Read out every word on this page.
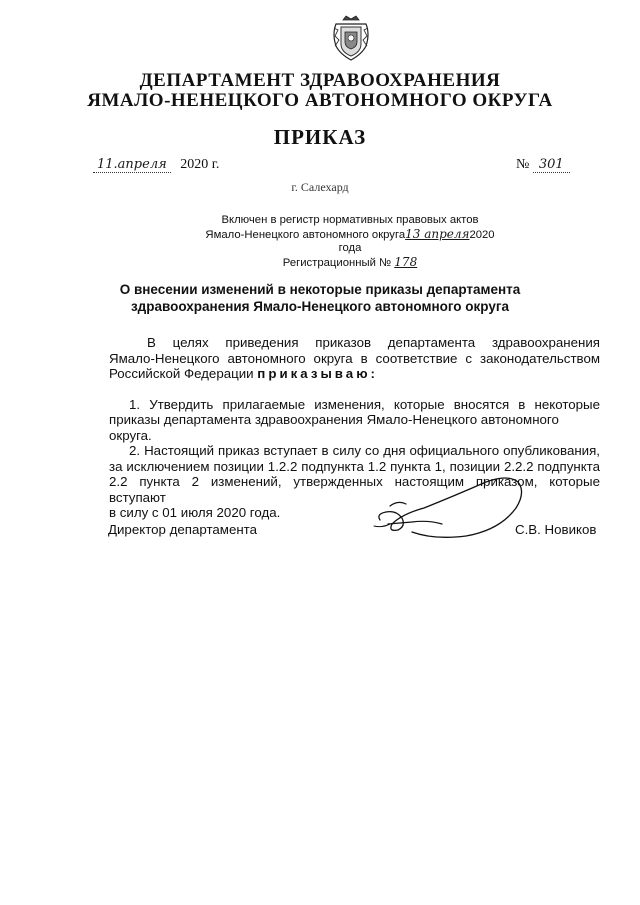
ДЕПАРТАМЕНТ ЗДРАВООХРАНЕНИЯ
ЯМАЛО-НЕНЕЦКОГО АВТОНОМНОГО ОКРУГА
ПРИКАЗ
11.апреля 2020 г.	№ 301
г. Салехард
Включен в регистр нормативных правовых актов
Ямало-Ненецкого автономного округа13 апреля2020 года
Регистрационный № 178
О внесении изменений в некоторые приказы департамента
здравоохранения Ямало-Ненецкого автономного округа
В целях приведения приказов департамента здравоохранения
Ямало-Ненецкого автономного округа в соответствие с законодательством
Российской Федерации приказываю:
1. Утвердить прилагаемые изменения, которые вносятся в некоторые
приказы департамента здравоохранения Ямало-Ненецкого автономного округа.
2. Настоящий приказ вступает в силу со дня официального опубликования,
за исключением позиции 1.2.2 подпункта 1.2 пункта 1, позиции 2.2.2 подпункта
2.2 пункта 2 изменений, утвержденных настоящим приказом, которые вступают
в силу с 01 июля 2020 года.
Директор департамента	С.В. Новиков
